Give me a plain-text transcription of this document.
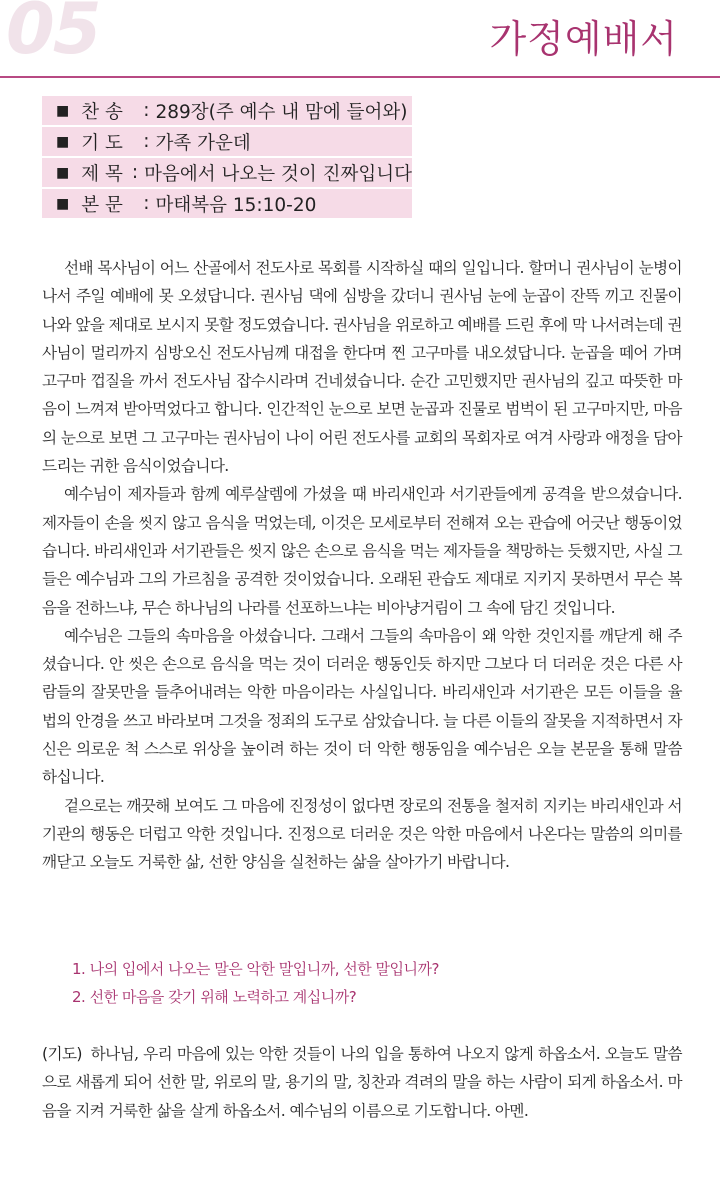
05	가정예배서
■ 찬 송	: 289장(주 예수 내 맘에 들어와)
■ 기 도	: 가족 가운데
■ 제 목 : 마음에서 나오는 것이 진짜입니다
■ 본 문	: 마태복음 15:10-20

선배 목사님이 어느 산골에서 전도사로 목회를 시작하실 때의 일입니다. 할머니 권사님이 눈병이 나서 주일 예배에 못 오셨답니다. 권사님 댁에 심방을 갔더니 권사님 눈에 눈곱이 잔뜩 끼고 진물이 나와 앞을 제대로 보시지 못할 정도였습니다. 권사님을 위로하고 예배를 드린 후에 막 나서려는데 권사님이 멀리까지 심방오신 전도사님께 대접을 한다며 찐 고구마를 내오셨답니다. 눈곱을 떼어 가며 고구마 껍질을 까서 전도사님 잡수시라며 건네셨습니다. 순간 고민했지만 권사님의 깊고 따뜻한 마음이 느껴져 받아먹었다고 합니다. 인간적인 눈으로 보면 눈곱과 진물로 범벅이 된 고구마지만, 마음의 눈으로 보면 그 고구마는 권사님이 나이 어린 전도사를 교회의 목회자로 여겨 사랑과 애정을 담아 드리는 귀한 음식이었습니다.

예수님이 제자들과 함께 예루살렘에 가셨을 때 바리새인과 서기관들에게 공격을 받으셨습니다. 제자들이 손을 씻지 않고 음식을 먹었는데, 이것은 모세로부터 전해져 오는 관습에 어긋난 행동이었습니다. 바리새인과 서기관들은 씻지 않은 손으로 음식을 먹는 제자들을 책망하는 듯했지만, 사실 그들은 예수님과 그의 가르침을 공격한 것이었습니다. 오래된 관습도 제대로 지키지 못하면서 무슨 복음을 전하느냐, 무슨 하나님의 나라를 선포하느냐는 비아냥거림이 그 속에 담긴 것입니다.

예수님은 그들의 속마음을 아셨습니다. 그래서 그들의 속마음이 왜 악한 것인지를 깨닫게 해 주셨습니다. 안 씻은 손으로 음식을 먹는 것이 더러운 행동인듯 하지만 그보다 더 더러운 것은 다른 사람들의 잘못만을 들추어내려는 악한 마음이라는 사실입니다. 바리새인과 서기관은 모든 이들을 율법의 안경을 쓰고 바라보며 그것을 정죄의 도구로 삼았습니다. 늘 다른 이들의 잘못을 지적하면서 자신은 의로운 척 스스로 위상을 높이려 하는 것이 더 악한 행동임을 예수님은 오늘 본문을 통해 말씀하십니다.

겉으로는 깨끗해 보여도 그 마음에 진정성이 없다면 장로의 전통을 철저히 지키는 바리새인과 서기관의 행동은 더럽고 악한 것입니다. 진정으로 더러운 것은 악한 마음에서 나온다는 말씀의 의미를 깨닫고 오늘도 거룩한 삶, 선한 양심을 실천하는 삶을 살아가기 바랍니다.

1. 나의 입에서 나오는 말은 악한 말입니까, 선한 말입니까?
2. 선한 마음을 갖기 위해 노력하고 계십니까?
(기도) 하나님, 우리 마음에 있는 악한 것들이 나의 입을 통하여 나오지 않게 하옵소서. 오늘도 말씀으로 새롭게 되어 선한 말, 위로의 말, 용기의 말, 칭찬과 격려의 말을 하는 사람이 되게 하옵소서. 마음을 지켜 거룩한 삶을 살게 하옵소서. 예수님의 이름으로 기도합니다. 아멘.
